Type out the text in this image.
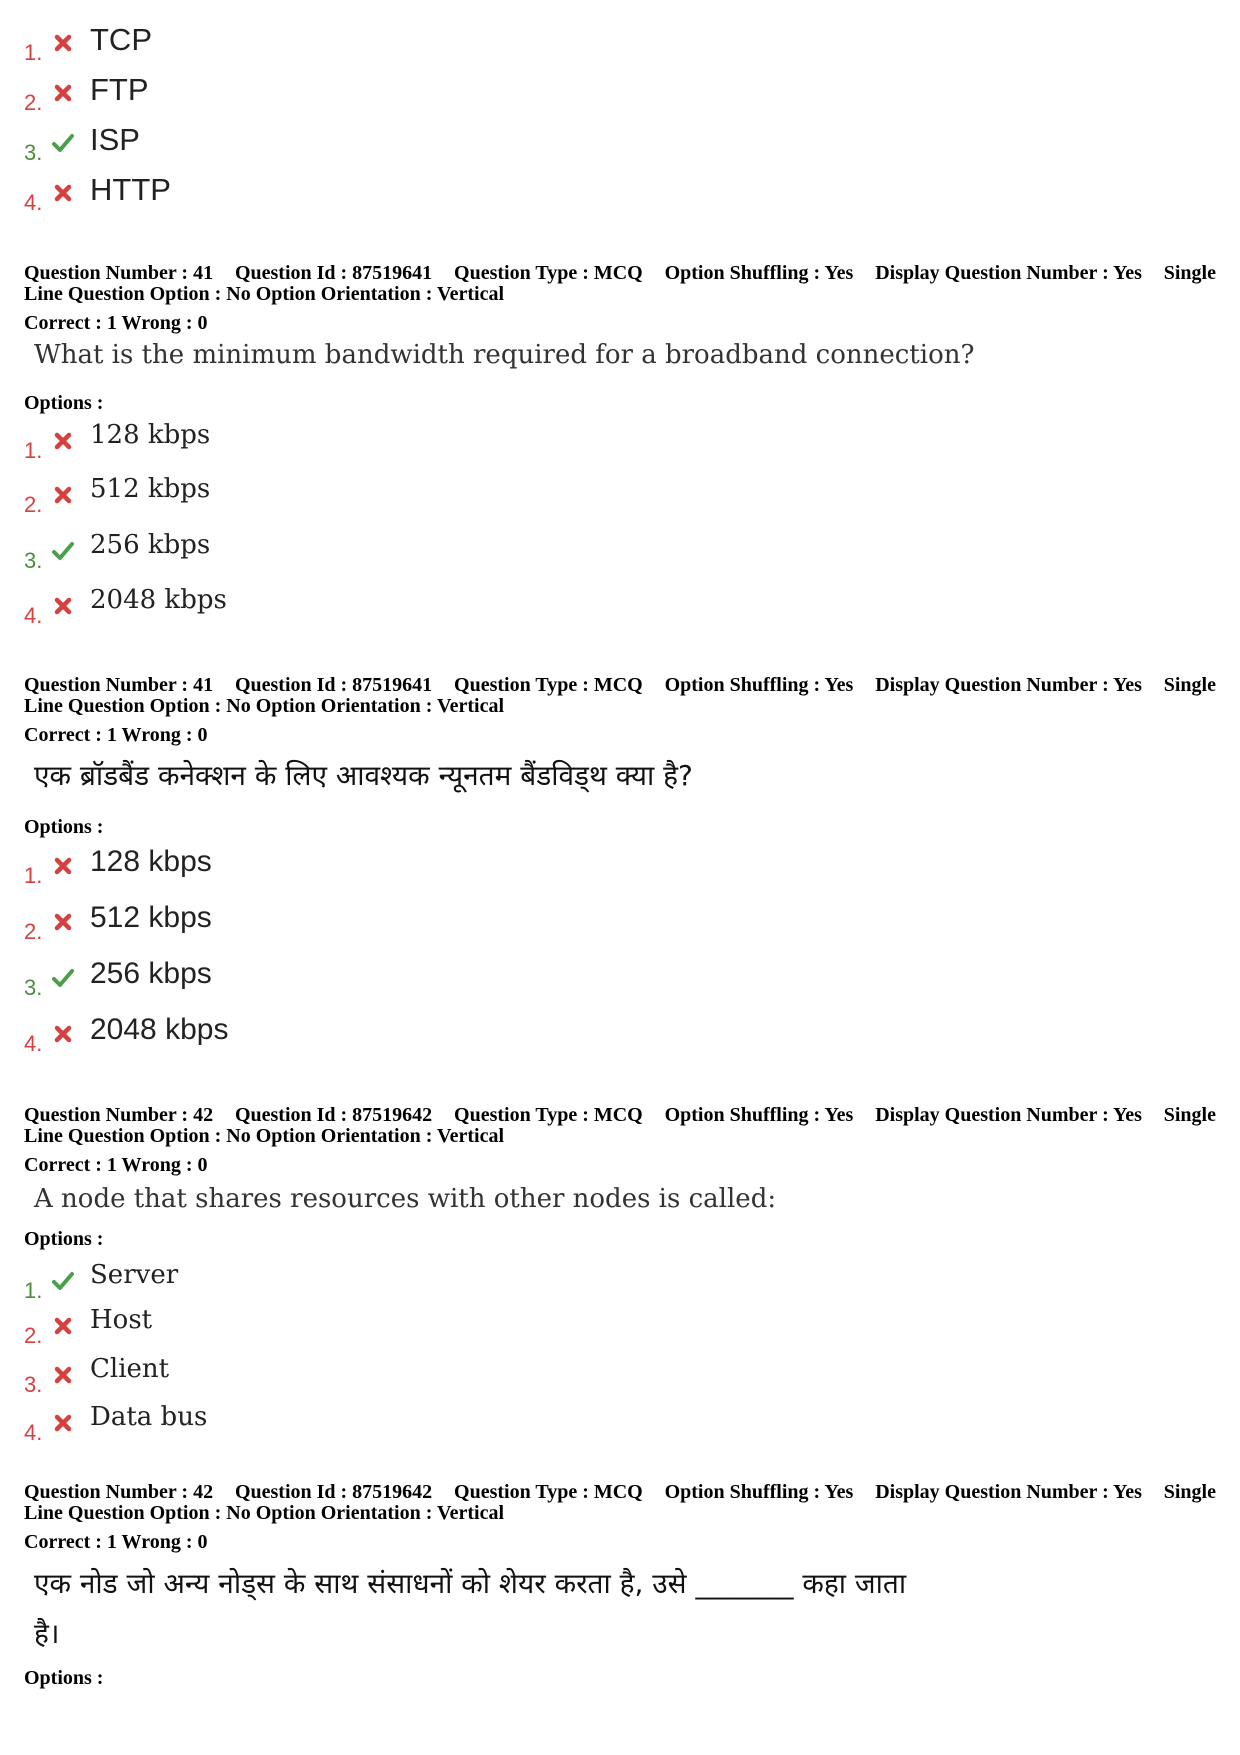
1. TCP
2. FTP
3. ISP
4. HTTP
Question Number : 41 Question Id : 87519641 Question Type : MCQ Option Shuffling : Yes Display Question Number : Yes Single
Line Question Option : No Option Orientation : Vertical
Correct : 1 Wrong : 0
What is the minimum bandwidth required for a broadband connection?
Options :
1.
128 kbps
2.
512 kbps
3.
256 kbps
4.
2048 kbps
Question Number : 41 Question Id : 87519641 Question Type : MCQ Option Shuffling : Yes Display Question Number : Yes Single
Line Question Option : No Option Orientation : Vertical
Correct : 1 Wrong : 0
एक ब्रॉडबैंड कनेक्शन के लिए आवश्यक न्यूनतम बैंडविड्थ क्या है?
Options :
1. 128 kbps
2. 512 kbps
3. 256 kbps
4. 2048 kbps
Question Number : 42 Question Id : 87519642 Question Type : MCQ Option Shuffling : Yes Display Question Number : Yes Single
Line Question Option : No Option Orientation : Vertical
Correct : 1 Wrong : 0
A node that shares resources with other nodes is called:
Options :
1.
Server
2.
Host
3.
Client
4.
Data bus
Question Number : 42 Question Id : 87519642 Question Type : MCQ Option Shuffling : Yes Display Question Number : Yes Single
Line Question Option : No Option Orientation : Vertical
Correct : 1 Wrong : 0
एक नोड जो अन्य नोड्स के साथ संसाधनों को शेयर करता है, उसे _______ कहा जाता
है।
Options :
